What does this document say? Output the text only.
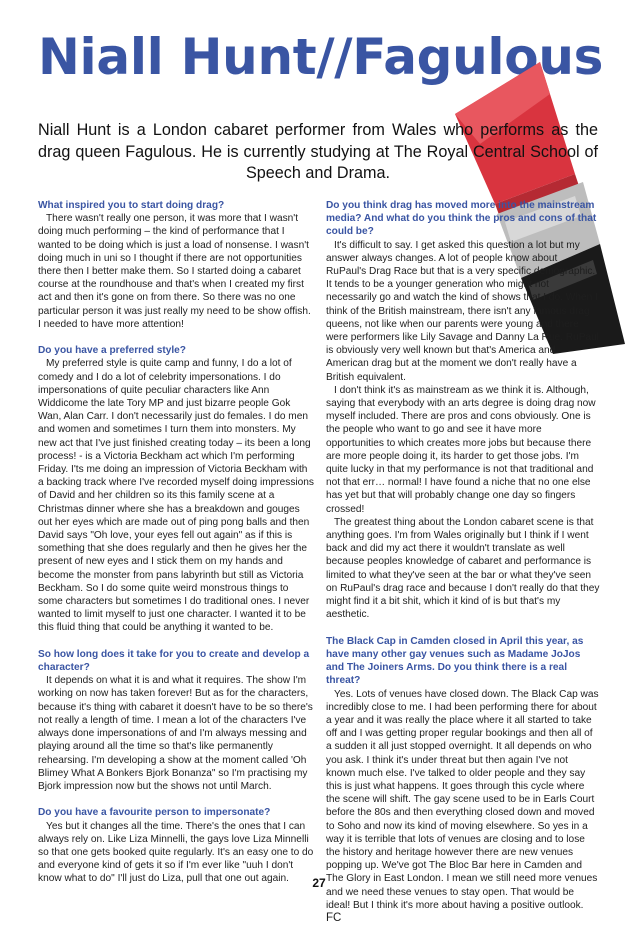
Niall Hunt//Fagulous

Niall Hunt is a London cabaret performer from Wales who performs as the drag queen Fagulous. He is currently studying at The Royal Central School of Speech and Drama.

What inspired you to start doing drag?

There wasn't really one person, it was more that I wasn't doing much performing – the kind of performance that I wanted to be doing which is just a load of nonsense. I wasn't doing much in uni so I thought if there are not opportunities there then I better make them. So I started doing a cabaret course at the roundhouse and that's when I created my first act and then it's gone on from there. So there was no one particular person it was just really my need to be show offish. I needed to have more attention!

Do you have a preferred style?

My preferred style is quite camp and funny, I do a lot of comedy and I do a lot of celebrity impersonations. I do impersonations of quite peculiar characters like Ann Widdicome the late Tory MP and just bizarre people Gok Wan, Alan Carr. I don't necessarily just do females. I do men and women and sometimes I turn them into monsters. My new act that I've just finished creating today – its been a long process! - is a Victoria Beckham act which I'm performing Friday. I'ts me doing an impression of Victoria Beckham with a backing track where I've recorded myself doing impressions of David and her children so its this family scene at a Christmas dinner where she has a breakdown and gouges out her eyes which are made out of ping pong balls and then David says "Oh love, your eyes fell out again" as if this is something that she does regularly and then he gives her the present of new eyes and I stick them on my hands and become the monster from pans labyrinth but still as Victoria Beckham. So I do some quite weird monstrous things to some characters but sometimes I do traditional ones. I never wanted to limit myself to just one character. I wanted it to be this fluid thing that could be anything it wanted to be.

So how long does it take for you to create and develop a character?

It depends on what it is and what it requires. The show I'm working on now has taken forever! But as for the characters, because it's thing with cabaret it doesn't have to be so there's not really a length of time. I mean a lot of the characters I've always done impersonations of and I'm always messing and playing around all the time so that's like permanently rehearsing. I'm developing a show at the moment called 'Oh Blimey What A Bonkers Bjork Bonanza" so I'm practising my Bjork impression now but the shows not until March.

Do you have a favourite person to impersonate?

Yes but it changes all the time. There's the ones that I can always rely on. Like Liza Minnelli, the gays love Liza Minnelli so that one gets booked quite regularly. It's an easy one to do and everyone kind of gets it so if I'm ever like "uuh I don't know what to do" I'll just do Liza, pull that one out again.

Do you think drag has moved more into the mainstream media? And what do you think the pros and cons of that could be?

It's difficult to say. I get asked this question a lot but my answer always changes. A lot of people know about RuPaul's Drag Race but that is a very specific demographic. It tends to be a younger generation who might not necessarily go and watch the kind of shows that I do. When I think of the British mainstream, there isn't any famous drag queens, not like when our parents were young and there were performers like Lily Savage and Danny La Rue. RuPaul is obviously very well known but that's America and American drag but at the moment we don't really have a British equivalent.
I don't think it's as mainstream as we think it is. Although, saying that everybody with an arts degree is doing drag now myself included. There are pros and cons obviously. One is the people who want to go and see it have more opportunities to which creates more jobs but because there are more people doing it, its harder to get those jobs. I'm quite lucky in that my performance is not that traditional and not that err… normal! I have found a niche that no one else has yet but that will probably change one day so fingers crossed!
The greatest thing about the London cabaret scene is that anything goes. I'm from Wales originally but I think if I went back and did my act there it wouldn't translate as well because peoples knowledge of cabaret and performance is limited to what they've seen at the bar or what they've seen on RuPaul's drag race and because I don't really do that they might find it a bit shit, which it kind of is but that's my aesthetic.

The Black Cap in Camden closed in April this year, as have many other gay venues such as Madame JoJos and The Joiners Arms. Do you think there is a real threat?

Yes. Lots of venues have closed down. The Black Cap was incredibly close to me. I had been performing there for about a year and it was really the place where it all started to take off and I was getting proper regular bookings and then all of a sudden it all just stopped overnight. It all depends on who you ask. I think it's under threat but then again I've not known much else. I've talked to older people and they say this is just what happens. It goes through this cycle where the scene will shift. The gay scene used to be in Earls Court before the 80s and then everything closed down and moved to Soho and now its kind of moving elsewhere. So yes in a way it is terrible that lots of venues are closing and to lose the history and heritage however there are new venues popping up. We've got The Bloc Bar here in Camden and The Glory in East London. I mean we still need more venues and we need these venues to stay open. That would be ideal! But I think it's more about having a positive outlook. FC

27
